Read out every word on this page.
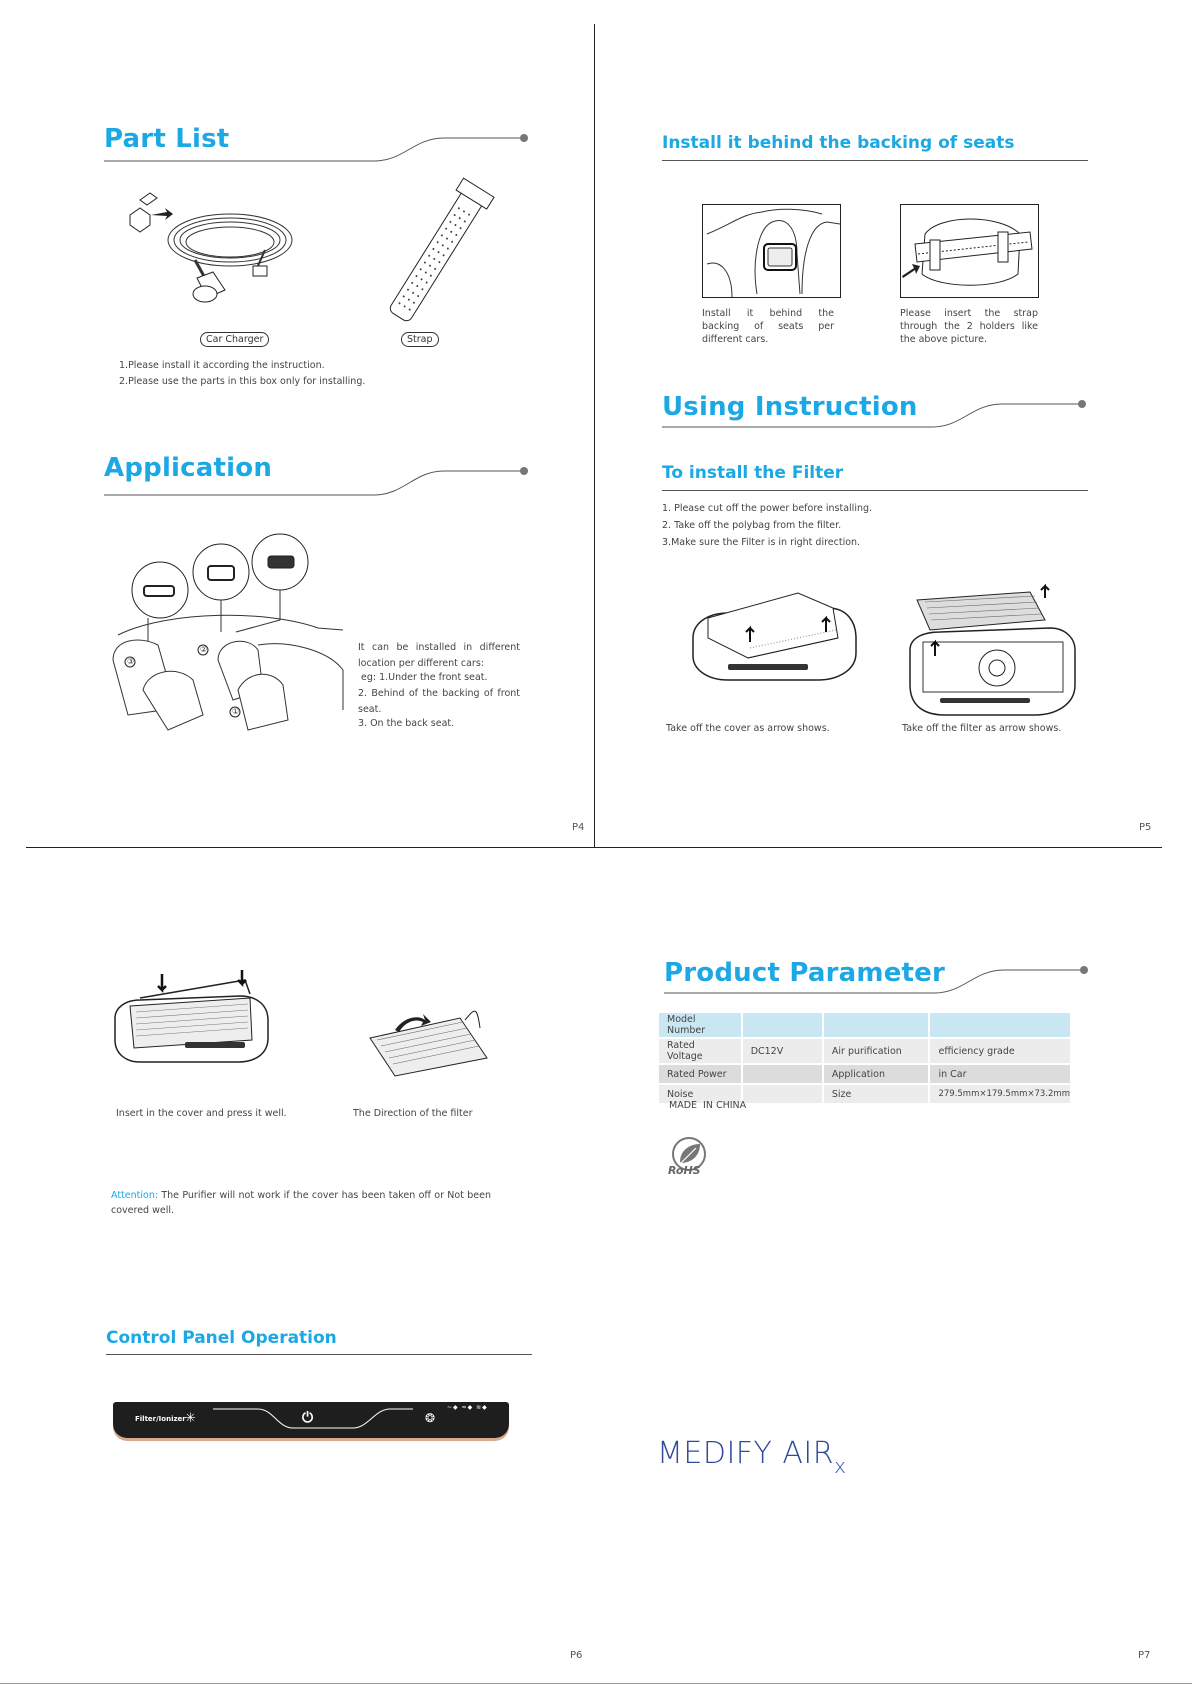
Part List
Car Charger	Strap
1.Please install it according the instruction.
2.Please use the parts in this box only for installing.
Application
③
②
①
It can be installed in different location per different cars:
eg: 1.Under the front seat.
2. Behind of the backing of front seat.
3. On the back seat.
P4
Install it behind the backing of seats
Install it behind the backing of seats per different cars.
Please insert the strap through the 2 holders like the above picture.
Using Instruction
To install the Filter
1. Please cut off the power before installing.
2. Take off the polybag from the filter.
3.Make sure the Filter is in right direction.
Take off the cover as arrow shows.	Take off the filter as arrow shows.
P5
Insert in the cover and press it well.	The Direction of the filter
Attention: The Purifier will not work if the cover has been taken off or Not been covered well.
Control Panel Operation
Filter/Ionizer ✳	⏻	❂
~◆ ≈◆ ≋◆
P6
Product Parameter
Model Number			
Rated Voltage	DC12V	Air purification	efficiency grade
Rated Power		Application	in Car
Noise		Size	279.5mm×179.5mm×73.2mm
MADE  IN CHINA
RoHS
MEDIFY $AIR_x$
P7
